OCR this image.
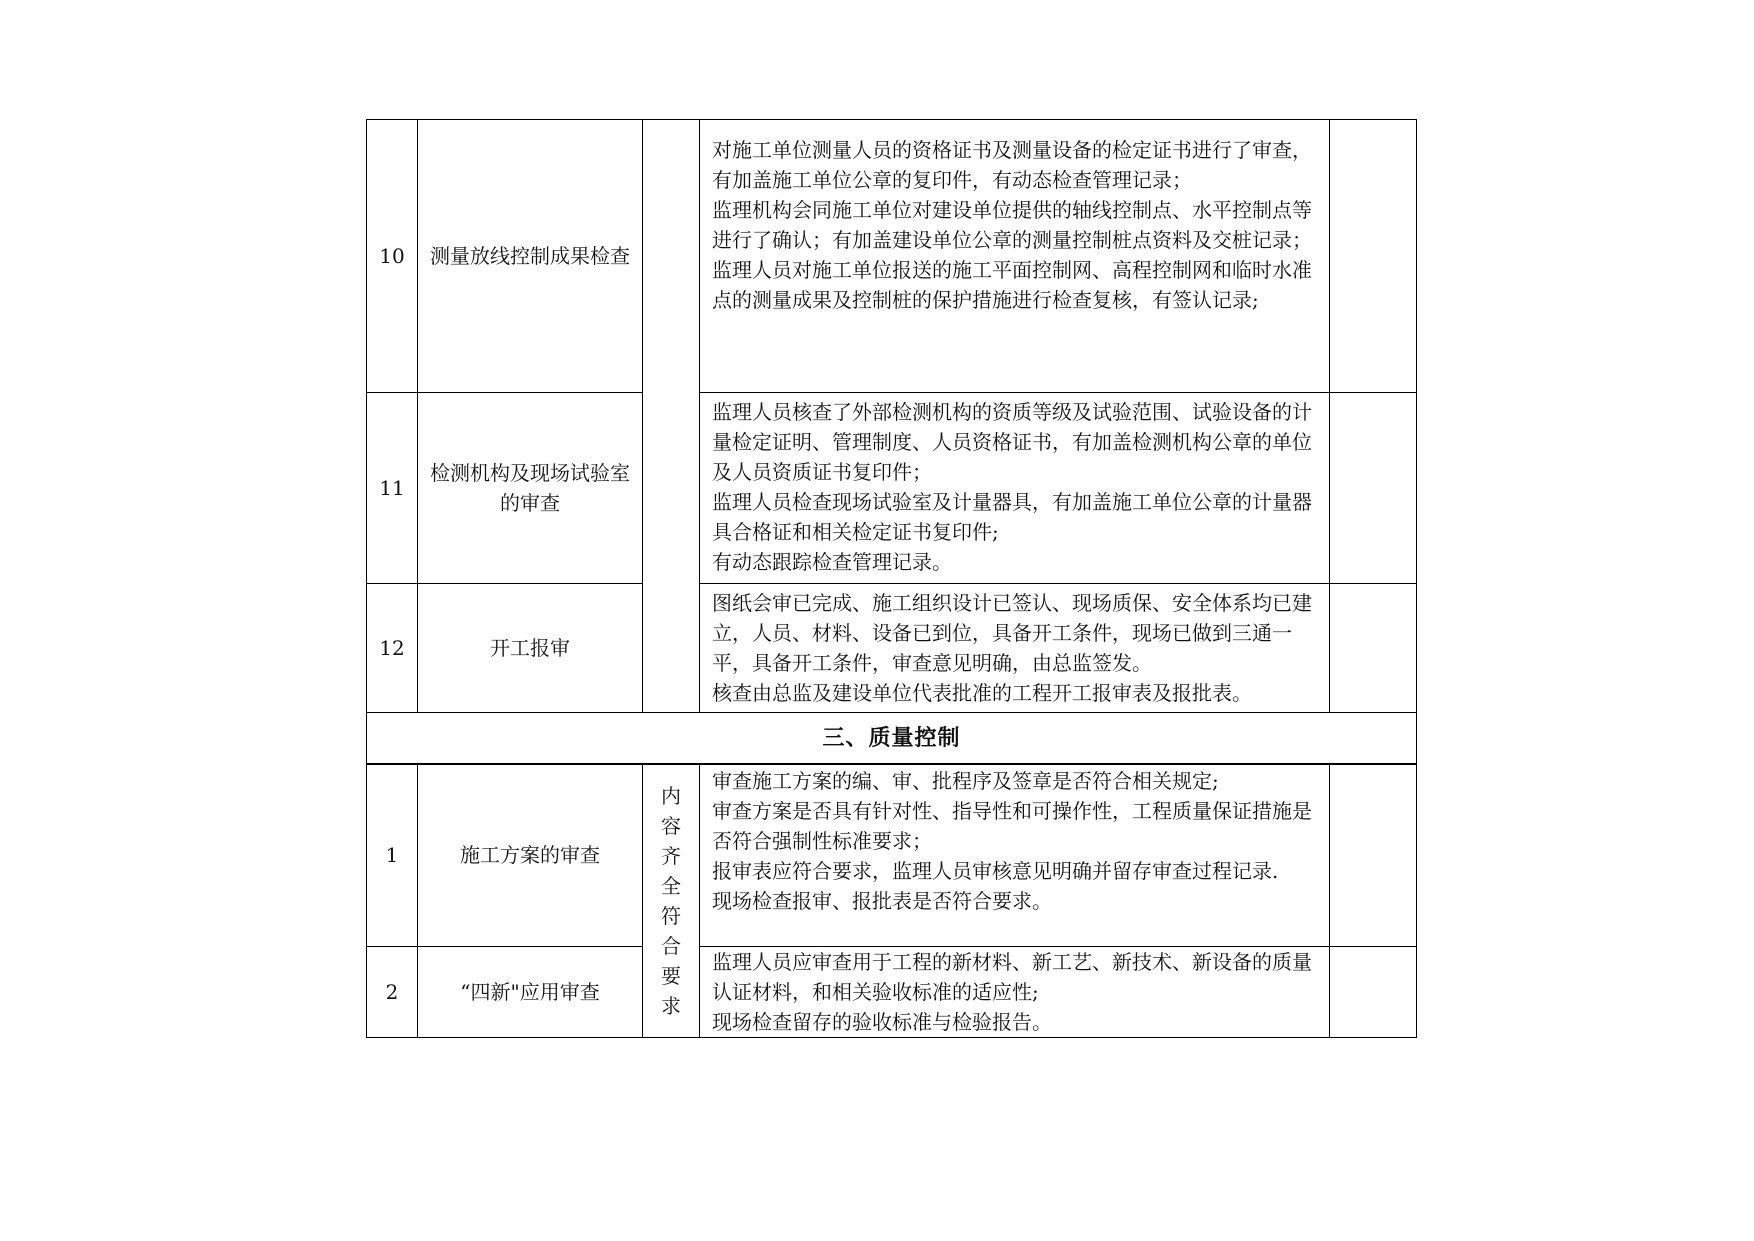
10	测量放线控制成果检查		对施工单位测量人员的资格证书及测量设备的检定证书进行了审查，有加盖施工单位公章的复印件，有动态检查管理记录；
监理机构会同施工单位对建设单位提供的轴线控制点、水平控制点等进行了确认；有加盖建设单位公章的测量控制桩点资料及交桩记录；
监理人员对施工单位报送的施工平面控制网、高程控制网和临时水准点的测量成果及控制桩的保护措施进行检查复核，有签认记录;	

11	检测机构及现场试验室的审查		监理人员核查了外部检测机构的资质等级及试验范围、试验设备的计量检定证明、管理制度、人员资格证书，有加盖检测机构公章的单位及人员资质证书复印件；
监理人员检查现场试验室及计量器具，有加盖施工单位公章的计量器具合格证和相关检定证书复印件;
有动态跟踪检查管理记录。	

12	开工报审		图纸会审已完成、施工组织设计已签认、现场质保、安全体系均已建立，人员、材料、设备已到位，具备开工条件，现场已做到三通一平，具备开工条件，审查意见明确，由总监签发。
核查由总监及建设单位代表批准的工程开工报审表及报批表。	

三、质量控制				
1	施工方案的审查	内容齐全符合要求	审查施工方案的编、审、批程序及签章是否符合相关规定;
审查方案是否具有针对性、指导性和可操作性，工程质量保证措施是否符合强制性标准要求；
报审表应符合要求，监理人员审核意见明确并留存审查过程记录.
现场检查报审、报批表是否符合要求。	

2	“四新"应用审查		监理人员应审查用于工程的新材料、新工艺、新技术、新设备的质量认证材料，和相关验收标准的适应性;
现场检查留存的验收标准与检验报告。	
